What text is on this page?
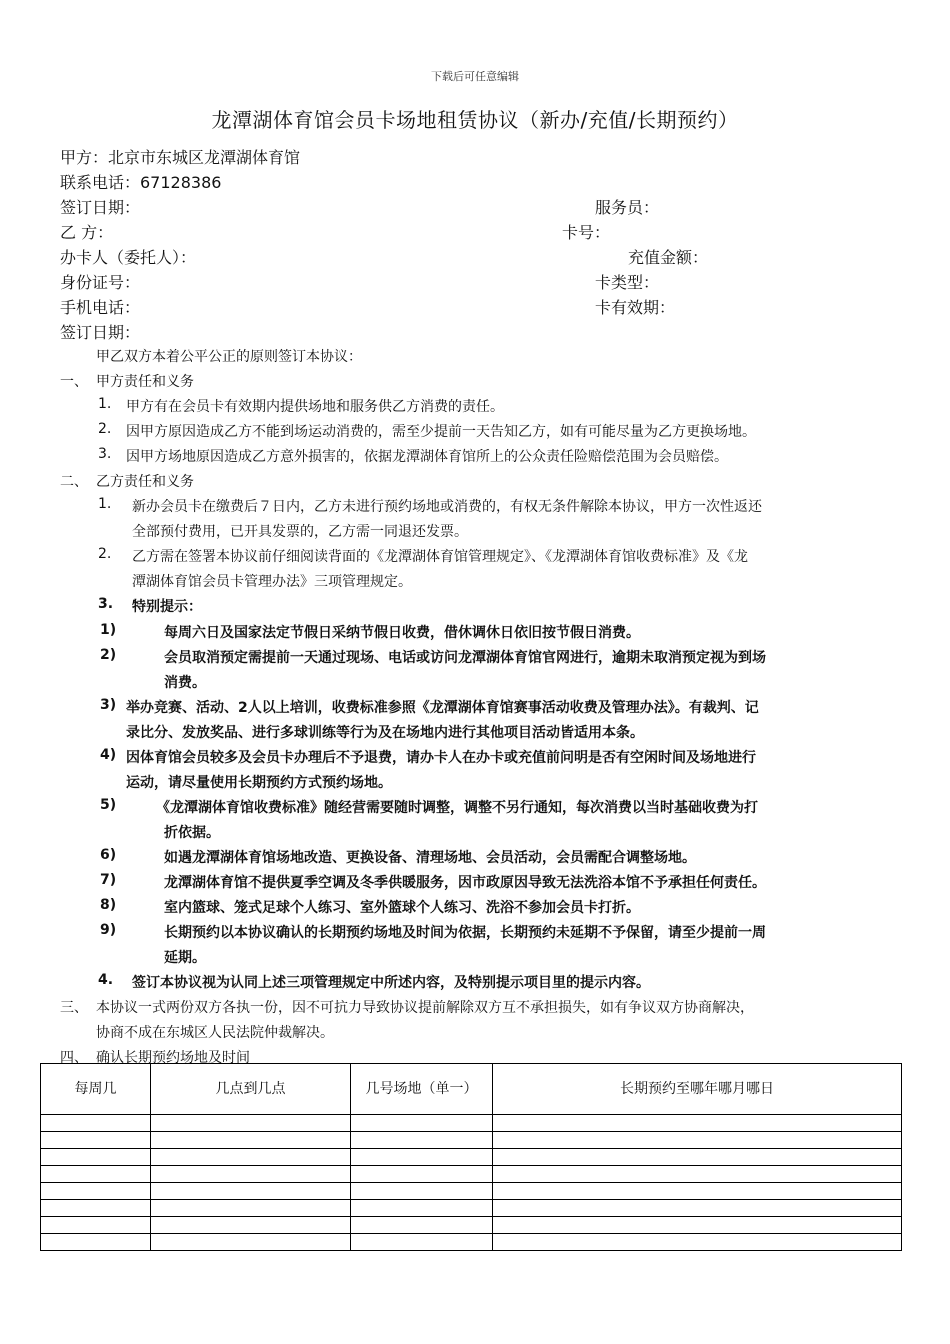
下载后可任意编辑
龙潭湖体育馆会员卡场地租赁协议（新办/充值/长期预约）
甲方：北京市东城区龙潭湖体育馆
联系电话：67128386
签订日期：	服务员：
乙 方：	卡号：
办卡人（委托人）：	充值金额：
身份证号：	卡类型：
手机电话：	卡有效期：
签订日期：
甲乙双方本着公平公正的原则签订本协议：
一、 甲方责任和义务
1. 甲方有在会员卡有效期内提供场地和服务供乙方消费的责任。
2. 因甲方原因造成乙方不能到场运动消费的，需至少提前一天告知乙方，如有可能尽量为乙方更换场地。
3. 因甲方场地原因造成乙方意外损害的，依据龙潭湖体育馆所上的公众责任险赔偿范围为会员赔偿。
二、 乙方责任和义务
1. 新办会员卡在缴费后７日内，乙方未进行预约场地或消费的，有权无条件解除本协议，甲方一次性返还
全部预付费用，已开具发票的，乙方需一同退还发票。
2. 乙方需在签署本协议前仔细阅读背面的《龙潭湖体育馆管理规定》、《龙潭湖体育馆收费标准》及《龙
潭湖体育馆会员卡管理办法》三项管理规定。
3. 特别提示：
1)	每周六日及国家法定节假日采纳节假日收费，借休调休日依旧按节假日消费。
2)	会员取消预定需提前一天通过现场、电话或访问龙潭湖体育馆官网进行，逾期未取消预定视为到场
消费。
3) 举办竞赛、活动、2人以上培训，收费标准参照《龙潭湖体育馆赛事活动收费及管理办法》。有裁判、记
录比分、发放奖品、进行多球训练等行为及在场地内进行其他项目活动皆适用本条。
4) 因体育馆会员较多及会员卡办理后不予退费，请办卡人在办卡或充值前问明是否有空闲时间及场地进行
运动，请尽量使用长期预约方式预约场地。
5)	《龙潭湖体育馆收费标准》随经营需要随时调整，调整不另行通知，每次消费以当时基础收费为打
折依据。
6)	如遇龙潭湖体育馆场地改造、更换设备、清理场地、会员活动，会员需配合调整场地。
7)	龙潭湖体育馆不提供夏季空调及冬季供暖服务，因市政原因导致无法洗浴本馆不予承担任何责任。
8)	室内篮球、笼式足球个人练习、室外篮球个人练习、洗浴不参加会员卡打折。
9)	长期预约以本协议确认的长期预约场地及时间为依据，长期预约未延期不予保留，请至少提前一周
延期。
4. 签订本协议视为认同上述三项管理规定中所述内容，及特别提示项目里的提示内容。
三、 本协议一式两份双方各执一份，因不可抗力导致协议提前解除双方互不承担损失，如有争议双方协商解决，
协商不成在东城区人民法院仲裁解决。
四、 确认长期预约场地及时间
每周几	几点到几点	几号场地（单一）	长期预约至哪年哪月哪日
